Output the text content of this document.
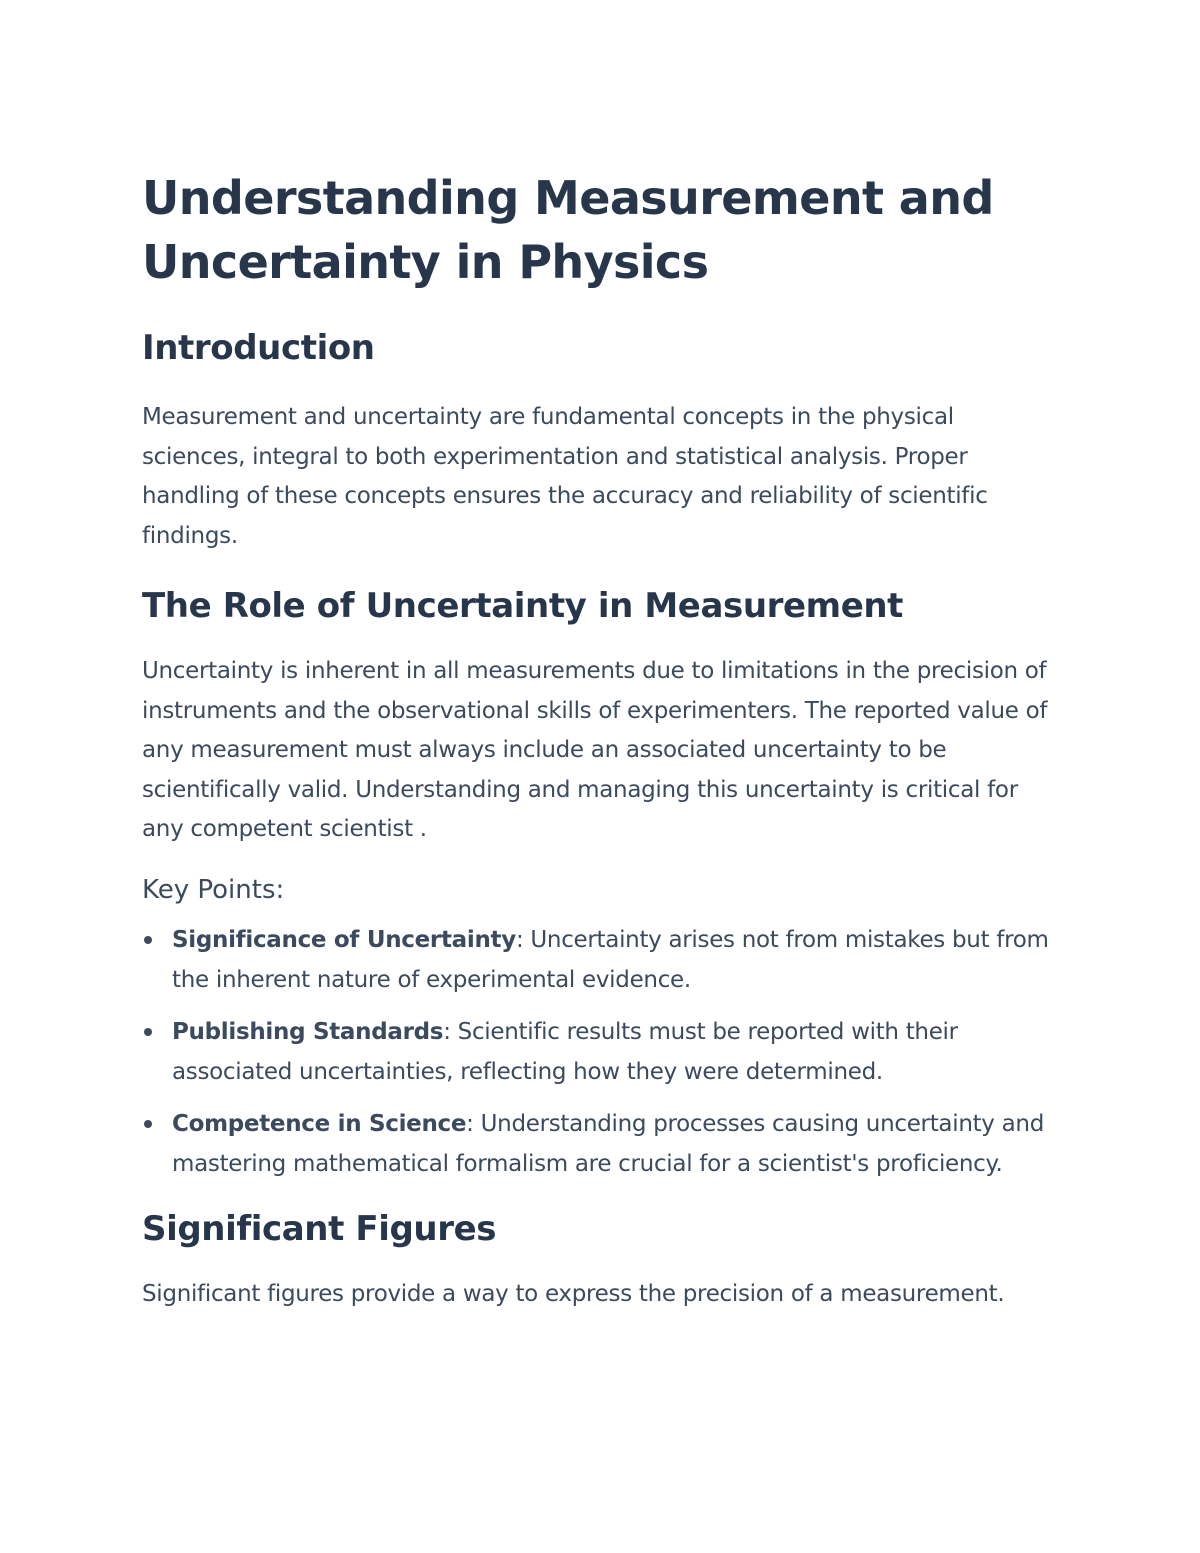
Understanding Measurement and Uncertainty in Physics
Introduction

Measurement and uncertainty are fundamental concepts in the physical sciences, integral to both experimentation and statistical analysis. Proper handling of these concepts ensures the accuracy and reliability of scientific findings.

The Role of Uncertainty in Measurement

Uncertainty is inherent in all measurements due to limitations in the precision of instruments and the observational skills of experimenters. The reported value of any measurement must always include an associated uncertainty to be scientifically valid. Understanding and managing this uncertainty is critical for any competent scientist .

Key Points:
Significance of Uncertainty: Uncertainty arises not from mistakes but from the inherent nature of experimental evidence.
Publishing Standards: Scientific results must be reported with their associated uncertainties, reflecting how they were determined.
Competence in Science: Understanding processes causing uncertainty and mastering mathematical formalism are crucial for a scientist's proficiency.
Significant Figures

Significant figures provide a way to express the precision of a measurement.
